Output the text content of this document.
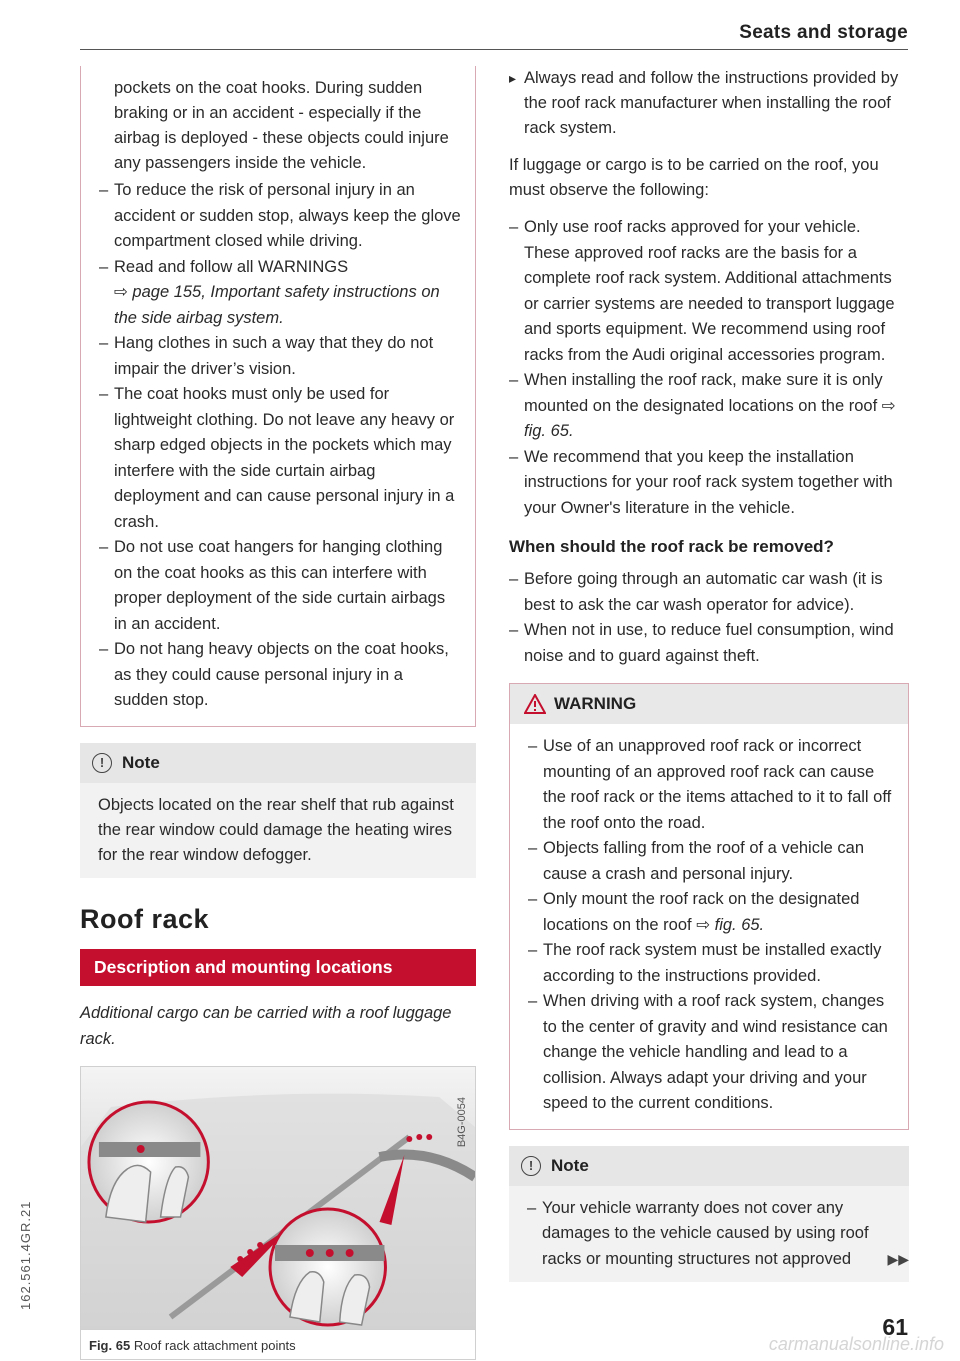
Seats and storage
162.561.4GR.21

pockets on the coat hooks. During sudden braking or in an accident - especially if the airbag is deployed - these objects could injure any passengers inside the vehicle.

– To reduce the risk of personal injury in an accident or sudden stop, always keep the glove compartment closed while driving.
– Read and follow all WARNINGS
⇨ page 155, Important safety instructions on the side airbag system.
– Hang clothes in such a way that they do not impair the driver’s vision.
– The coat hooks must only be used for lightweight clothing. Do not leave any heavy or sharp edged objects in the pockets which may interfere with the side curtain airbag deployment and can cause personal injury in a crash.
– Do not use coat hangers for hanging clothing on the coat hooks as this can interfere with proper deployment of the side curtain airbags in an accident.
– Do not hang heavy objects on the coat hooks, as they could cause personal injury in a sudden stop.
!	Note
Objects located on the rear shelf that rub against the rear window could damage the heating wires for the rear window defogger.
Roof rack
Description and mounting locations

Additional cargo can be carried with a roof luggage rack.

B4G-0054
Fig. 65 Roof rack attachment points
▸ Always read and follow the instructions provided by the roof rack manufacturer when installing the roof rack system.

If luggage or cargo is to be carried on the roof, you must observe the following:

– Only use roof racks approved for your vehicle. These approved roof racks are the basis for a complete roof rack system. Additional attachments or carrier systems are needed to transport luggage and sports equipment. We recommend using roof racks from the Audi original accessories program.
– When installing the roof rack, make sure it is only mounted on the designated locations on the roof ⇨ fig. 65.
– We recommend that you keep the installation instructions for your roof rack system together with your Owner's literature in the vehicle.
When should the roof rack be removed?
– Before going through an automatic car wash (it is best to ask the car wash operator for advice).
– When not in use, to reduce fuel consumption, wind noise and to guard against theft.
WARNING
– Use of an unapproved roof rack or incorrect mounting of an approved roof rack can cause the roof rack or the items attached to it to fall off the roof onto the road.
– Objects falling from the roof of a vehicle can cause a crash and personal injury.
– Only mount the roof rack on the designated locations on the roof ⇨ fig. 65.
– The roof rack system must be installed exactly according to the instructions provided.
– When driving with a roof rack system, changes to the center of gravity and wind resistance can change the vehicle handling and lead to a collision. Always adapt your driving and your speed to the current conditions.
!	Note
– Your vehicle warranty does not cover any damages to the vehicle caused by using roof racks or mounting structures not approved	▶▶
61
carmanualsonline.info
